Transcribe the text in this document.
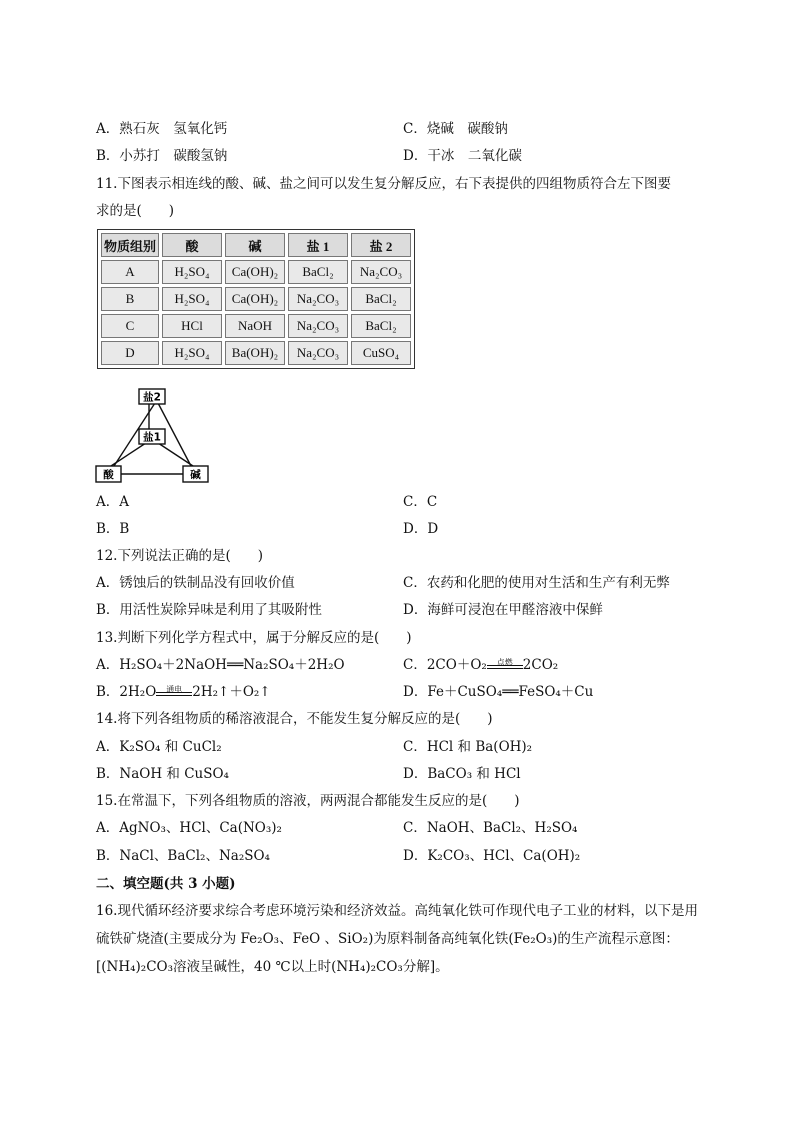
A．熟石灰　氢氧化钙	C．烧碱　碳酸钠
B．小苏打　碳酸氢钠	D．干冰　二氧化碳
11.下图表示相连线的酸、碱、盐之间可以发生复分解反应，右下表提供的四组物质符合左下图要
求的是(　　)
物质组别	酸	碱	盐 1	盐 2
A	H₂SO₄	Ca(OH)₂	BaCl₂	Na₂CO₃
B	H₂SO₄	Ca(OH)₂	Na₂CO₃	BaCl₂
C	HCl	NaOH	Na₂CO₃	BaCl₂
D	H₂SO₄	Ba(OH)₂	Na₂CO₃	CuSO₄
盐2
盐1
酸	碱
A．A	C．C
B．B	D．D
12.下列说法正确的是(　　)
A．锈蚀后的铁制品没有回收价值	C．农药和化肥的使用对生活和生产有利无弊
B．用活性炭除异味是利用了其吸附性	D．海鲜可浸泡在甲醛溶液中保鲜
13.判断下列化学方程式中，属于分解反应的是(　　)
A．H₂SO₄＋2NaOH══Na₂SO₄＋2H₂O	C．2CO＋O₂	点燃 2CO₂
B．2H₂O	通电 2H₂↑＋O₂↑	D．Fe＋CuSO₄══FeSO₄＋Cu
14.将下列各组物质的稀溶液混合，不能发生复分解反应的是(　　)
A．K₂SO₄ 和 CuCl₂	C．HCl 和 Ba(OH)₂
B．NaOH 和 CuSO₄	D．BaCO₃ 和 HCl
15.在常温下，下列各组物质的溶液，两两混合都能发生反应的是(　　)
A．AgNO₃、HCl、Ca(NO₃)₂	C．NaOH、BaCl₂、H₂SO₄
B．NaCl、BaCl₂、Na₂SO₄	D．K₂CO₃、HCl、Ca(OH)₂
二、填空题(共 3 小题)
16.现代循环经济要求综合考虑环境污染和经济效益。高纯氧化铁可作现代电子工业的材料，以下是用硫铁矿烧渣(主要成分为 Fe₂O₃、FeO 、SiO₂)为原料制备高纯氧化铁(Fe₂O₃)的生产流程示意图：[(NH₄)₂CO₃溶液呈碱性，40 ℃以上时(NH₄)₂CO₃分解]。
